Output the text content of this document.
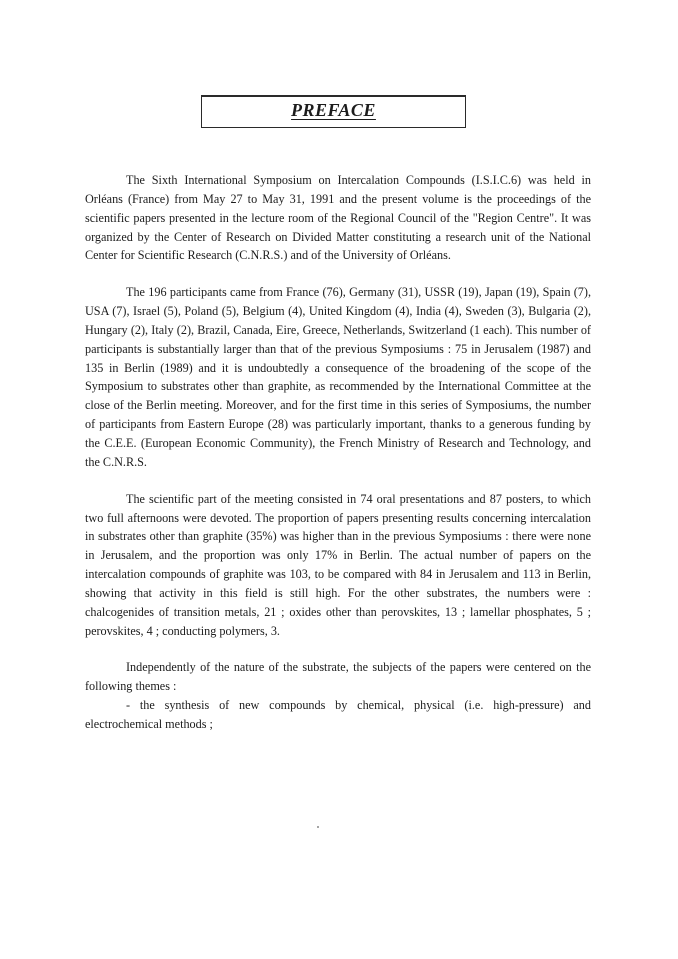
PREFACE

The Sixth International Symposium on Intercalation Compounds (I.S.I.C.6) was held in Orléans (France) from May 27 to May 31, 1991 and the present volume is the proceedings of the scientific papers presented in the lecture room of the Regional Council of the "Region Centre". It was organized by the Center of Research on Divided Matter constituting a research unit of the National Center for Scientific Research (C.N.R.S.) and of the University of Orléans.

The 196 participants came from France (76), Germany (31), USSR (19), Japan (19), Spain (7), USA (7), Israel (5), Poland (5), Belgium (4), United Kingdom (4), India (4), Sweden (3), Bulgaria (2), Hungary (2), Italy (2), Brazil, Canada, Eire, Greece, Netherlands, Switzerland (1 each). This number of participants is substantially larger than that of the previous Symposiums : 75 in Jerusalem (1987) and 135 in Berlin (1989) and it is undoubtedly a consequence of the broadening of the scope of the Symposium to substrates other than graphite, as recommended by the International Committee at the close of the Berlin meeting. Moreover, and for the first time in this series of Symposiums, the number of participants from Eastern Europe (28) was particularly important, thanks to a generous funding by the C.E.E. (European Economic Community), the French Ministry of Research and Technology, and the C.N.R.S.

The scientific part of the meeting consisted in 74 oral presentations and 87 posters, to which two full afternoons were devoted. The proportion of papers presenting results concerning intercalation in substrates other than graphite (35%) was higher than in the previous Symposiums : there were none in Jerusalem, and the proportion was only 17% in Berlin. The actual number of papers on the intercalation compounds of graphite was 103, to be compared with 84 in Jerusalem and 113 in Berlin, showing that activity in this field is still high. For the other substrates, the numbers were : chalcogenides of transition metals, 21 ; oxides other than perovskites, 13 ; lamellar phosphates, 5 ; perovskites, 4 ; conducting polymers, 3.

Independently of the nature of the substrate, the subjects of the papers were centered on the following themes :

- the synthesis of new compounds by chemical, physical (i.e. high-pressure) and electrochemical methods ;
